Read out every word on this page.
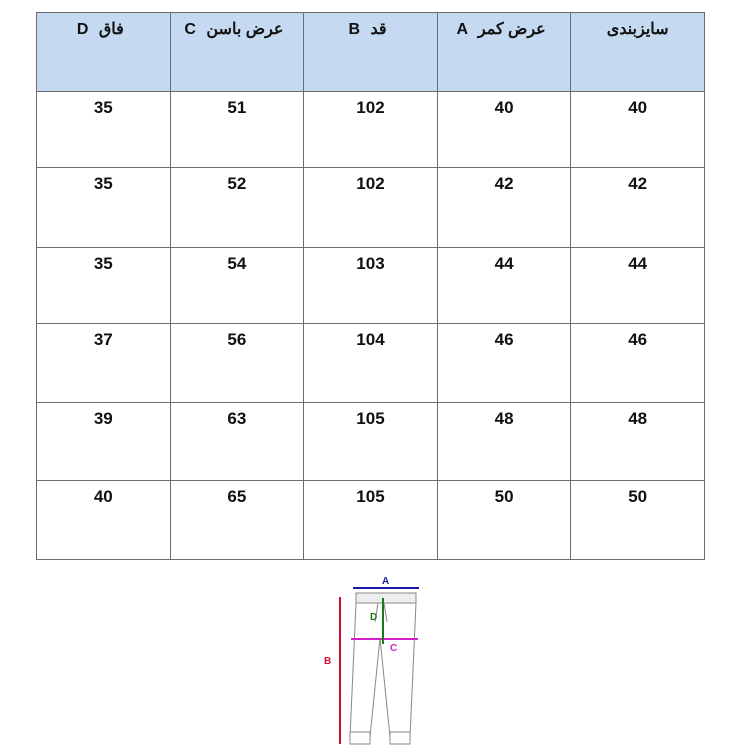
D فاق	C عرض باسن	B قد	A عرض کمر	سایزبندی
35	51	102	40	40
35	52	102	42	42
35	54	103	44	44
37	56	104	46	46
39	63	105	48	48
40	65	105	50	50
A
B
C
D
